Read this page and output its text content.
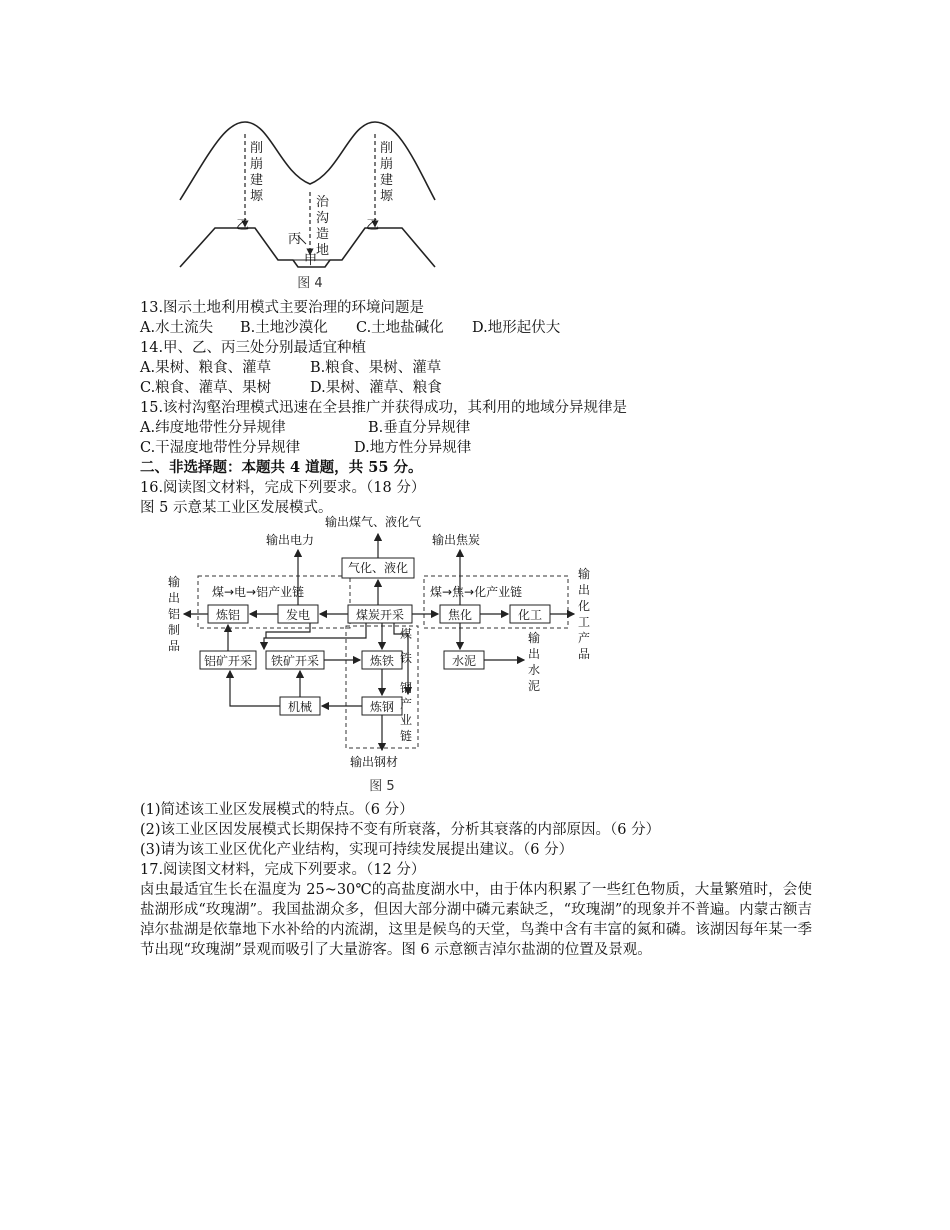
削
崩
建
塬
削
崩
建
塬
治
沟
造
地
乙	乙
丙
甲
图 4
13.图示土地利用模式主要治理的环境问题是
A.水土流失 B.土地沙漠化 C.土地盐碱化 D.地形起伏大
14.甲、乙、丙三处分别最适宜种植
A.果树、粮食、灌草	B.粮食、果树、灌草
C.粮食、灌草、果树	D.果树、灌草、粮食
15.该村沟壑治理模式迅速在全县推广并获得成功，其利用的地域分异规律是
A.纬度地带性分异规律	B.垂直分异规律
C.干湿度地带性分异规律	D.地方性分异规律
二、非选择题：本题共 4 道题，共 55 分。
16.阅读图文材料，完成下列要求。（18 分）
图 5 示意某工业区发展模式。
输出煤气、液化气
输出电力	输出焦炭
煤→电→铝产业链	煤→焦→化产业链
气化、液化
炼铝	发电	煤炭开采	焦化	化工
水泥
铝矿开采 铁矿开采	炼铁
机械	炼钢
输
出
铝
制
品
输
出
化
工
产
品
输
出
水
泥
煤
铁
钢
产
业
链
输出钢材
图 5
(1)简述该工业区发展模式的特点。（6 分）
(2)该工业区因发展模式长期保持不变有所衰落，分析其衰落的内部原因。（6 分）
(3)请为该工业区优化产业结构，实现可持续发展提出建议。（6 分）
17.阅读图文材料，完成下列要求。（12 分）
卤虫最适宜生长在温度为 25~30℃的高盐度湖水中，由于体内积累了一些红色物质，大量繁殖时，会使盐湖形成“玫瑰湖”。我国盐湖众多，但因大部分湖中磷元素缺乏，“玫瑰湖”的现象并不普遍。内蒙古额吉淖尔盐湖是依靠地下水补给的内流湖，这里是候鸟的天堂，鸟粪中含有丰富的氮和磷。该湖因每年某一季节出现“玫瑰湖”景观而吸引了大量游客。图 6 示意额吉淖尔盐湖的位置及景观。
